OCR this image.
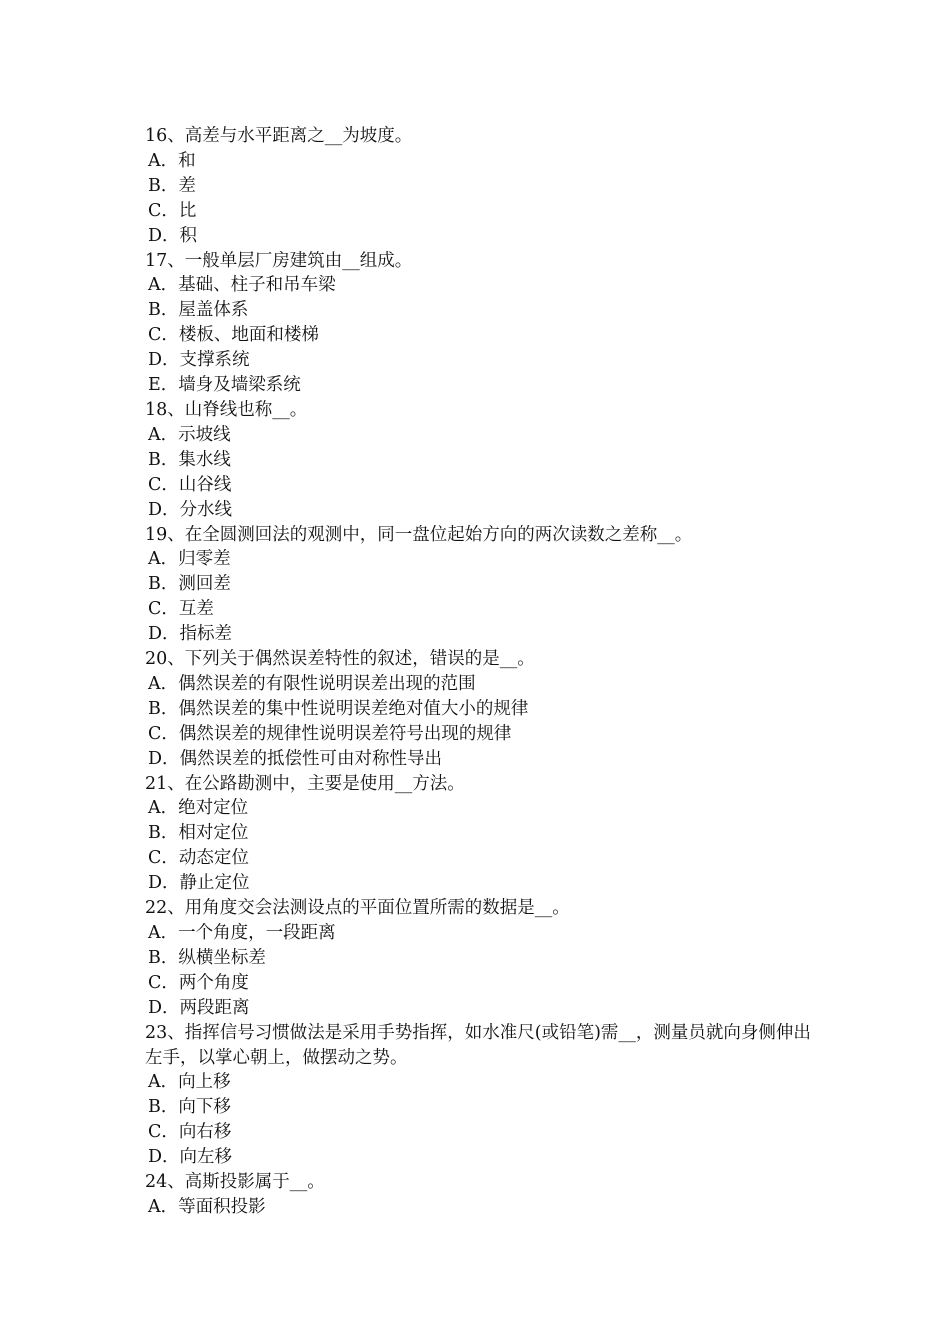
16、高差与水平距离之__为坡度。
A．和
B．差
C．比
D．积
17、一般单层厂房建筑由__组成。
A．基础、柱子和吊车梁
B．屋盖体系
C．楼板、地面和楼梯
D．支撑系统
E．墙身及墙梁系统
18、山脊线也称__。
A．示坡线
B．集水线
C．山谷线
D．分水线
19、在全圆测回法的观测中，同一盘位起始方向的两次读数之差称__。
A．归零差
B．测回差
C．互差
D．指标差
20、下列关于偶然误差特性的叙述，错误的是__。
A．偶然误差的有限性说明误差出现的范围
B．偶然误差的集中性说明误差绝对值大小的规律
C．偶然误差的规律性说明误差符号出现的规律
D．偶然误差的抵偿性可由对称性导出
21、在公路勘测中，主要是使用__方法。
A．绝对定位
B．相对定位
C．动态定位
D．静止定位
22、用角度交会法测设点的平面位置所需的数据是__。
A．一个角度，一段距离
B．纵横坐标差
C．两个角度
D．两段距离
23、指挥信号习惯做法是采用手势指挥，如水准尺(或铅笔)需__，测量员就向身侧伸出左手，以掌心朝上，做摆动之势。
A．向上移
B．向下移
C．向右移
D．向左移
24、高斯投影属于__。
A．等面积投影
